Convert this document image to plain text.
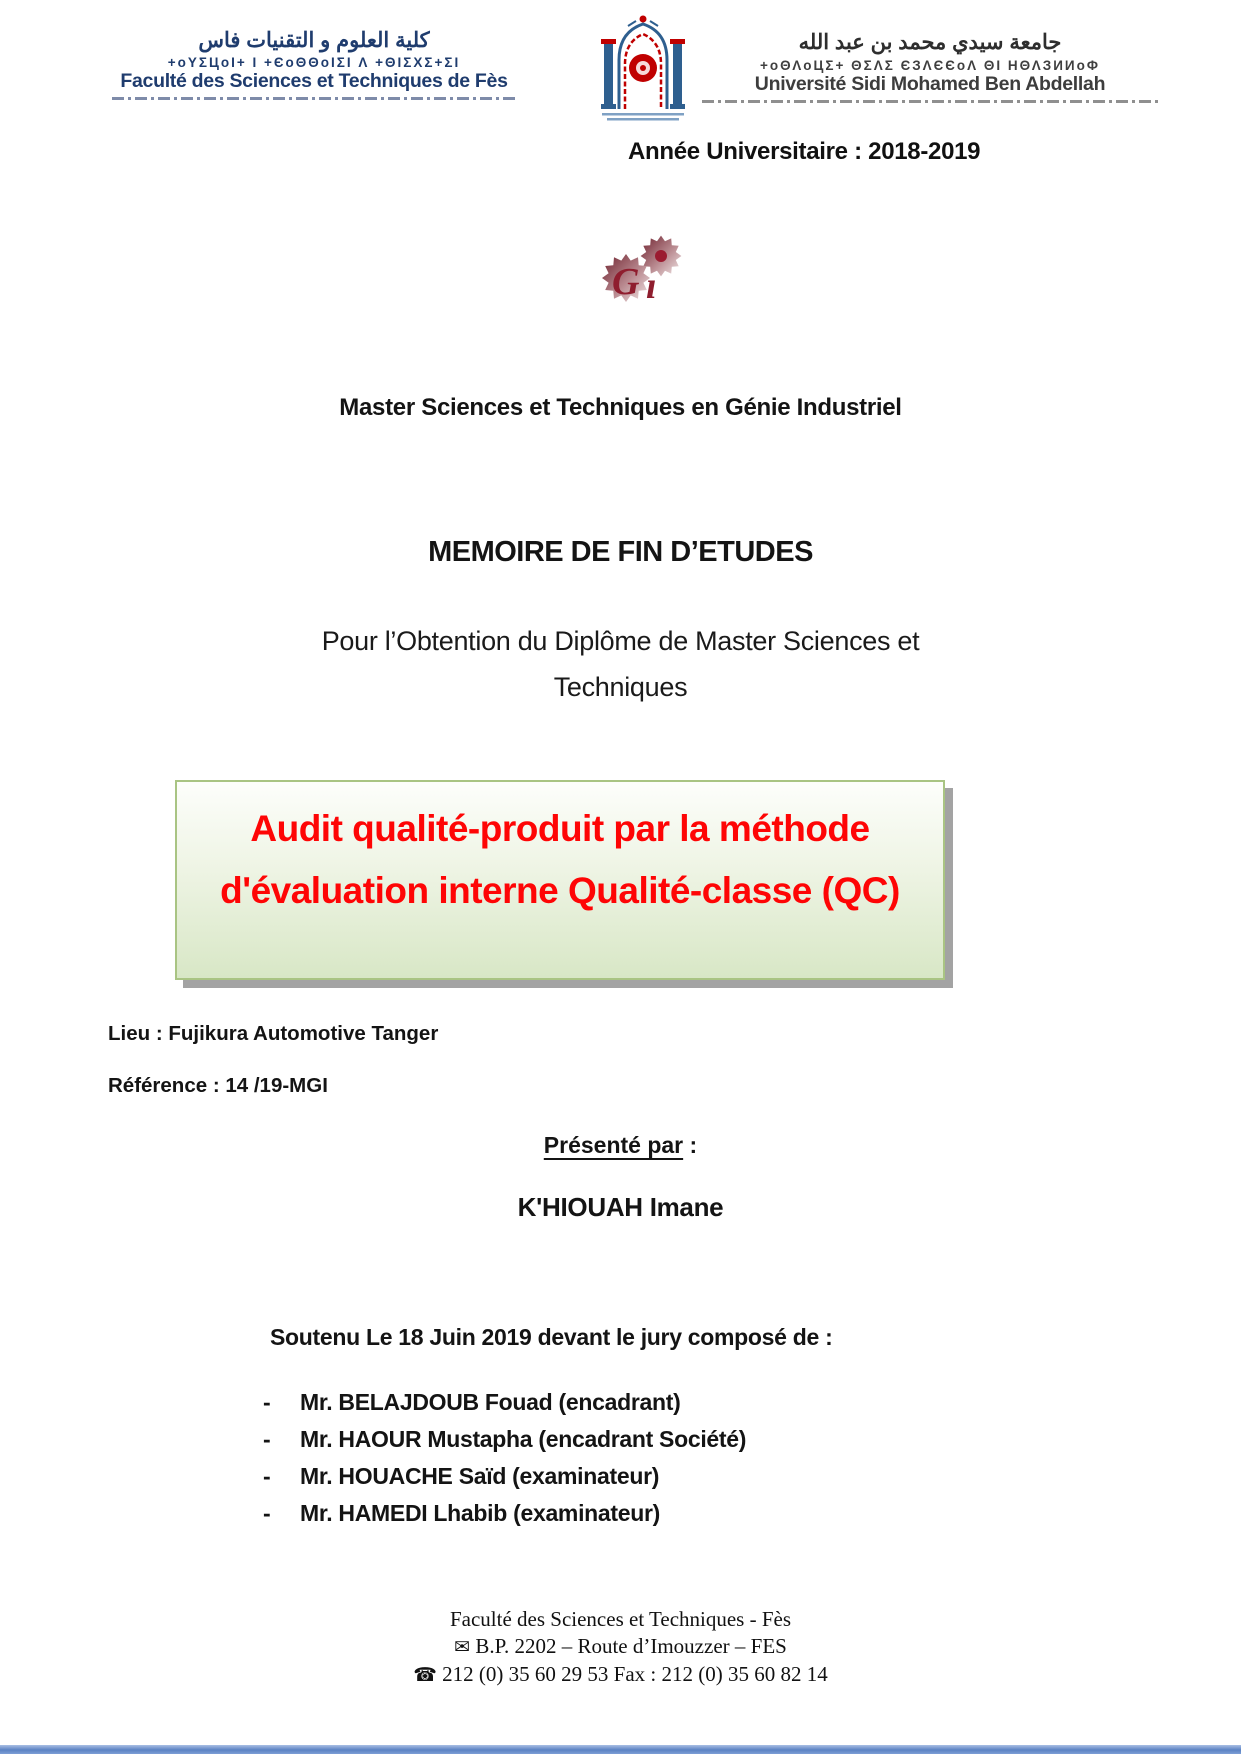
كلية العلوم و التقنيات فاس
+oYΣЦoІ+ І +ЄoΘΘoІΣІ Λ +ΘІΣXΣ+ΣІ
Faculté des Sciences et Techniques de Fès
جامعة سيدي محمد بن عبد الله
+oΘΛoЦΣ+ ΘΣΛΣ ЄЗΛЄЄoΛ ΘІ ΗΘΛЗИИoΦ
Université Sidi Mohamed Ben Abdellah
Année Universitaire : 2018-2019
G ı
Master Sciences et Techniques en Génie Industriel
MEMOIRE DE FIN D’ETUDES
Pour l’Obtention du Diplôme de Master Sciences et
Techniques
Audit qualité-produit par la méthode
d'évaluation interne Qualité-classe (QC)
Lieu : Fujikura Automotive Tanger
Référence : 14 /19-MGI
Présenté par :
K'HIOUAH Imane
Soutenu Le 18 Juin 2019 devant le jury composé de :
-	Mr. BELAJDOUB Fouad (encadrant)
-	Mr. HAOUR Mustapha (encadrant Société)
-	Mr. HOUACHE Saïd (examinateur)
-	Mr. HAMEDI Lhabib (examinateur)
Faculté des Sciences et Techniques - Fès
✉ B.P. 2202 – Route d’Imouzzer – FES
☎ 212 (0) 35 60 29 53 Fax : 212 (0) 35 60 82 14
